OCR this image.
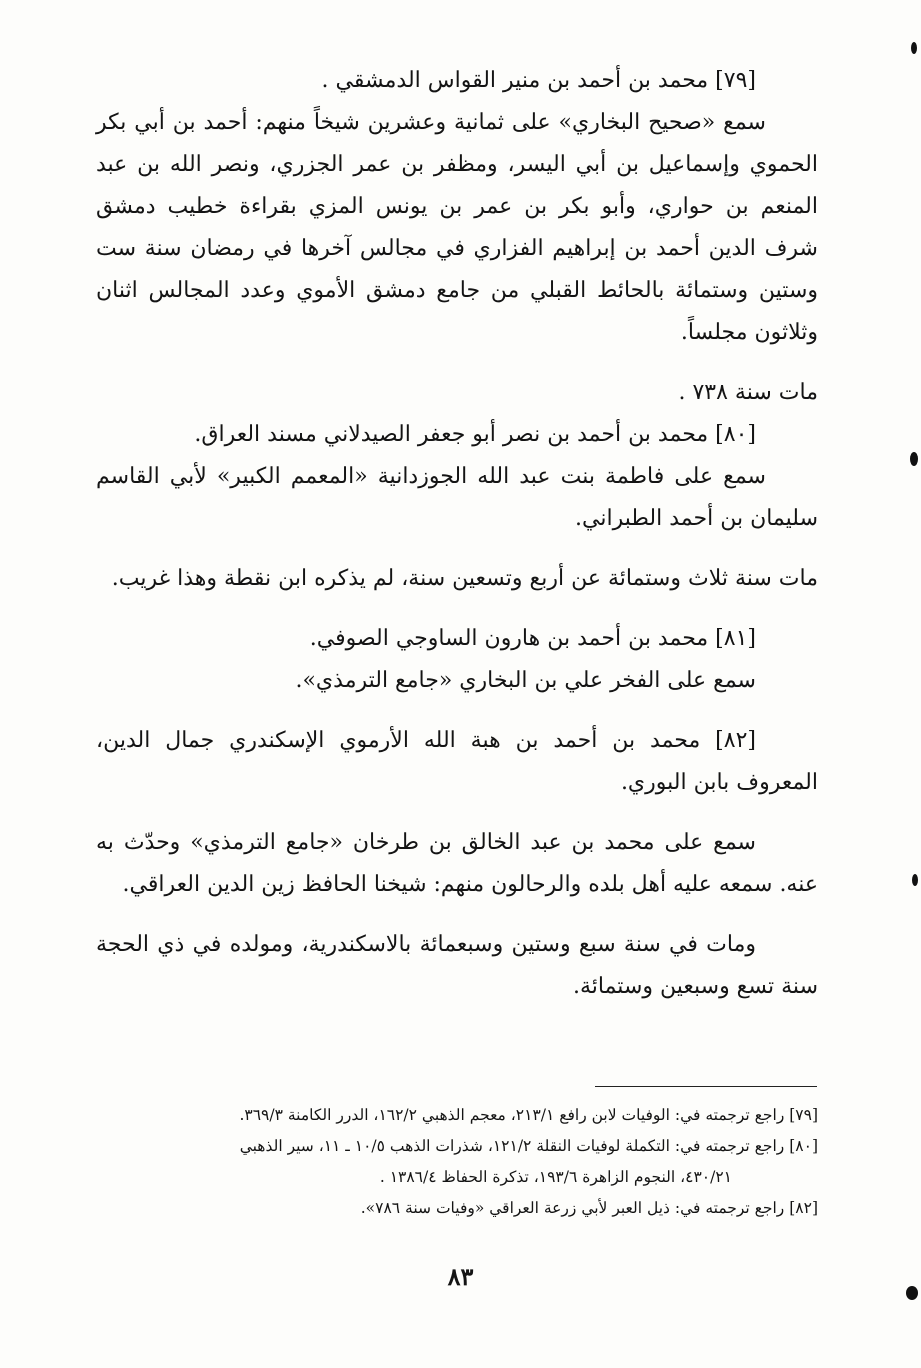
[٧٩] محمد بن أحمد بن منير القواس الدمشقي .

سمع «صحيح البخاري» على ثمانية وعشرين شيخاً منهم: أحمد بن أبي بكر الحموي وإسماعيل بن أبي اليسر، ومظفر بن عمر الجزري، ونصر الله بن عبد المنعم بن حواري، وأبو بكر بن عمر بن يونس المزي بقراءة خطيب دمشق شرف الدين أحمد بن إبراهيم الفزاري في مجالس آخرها في رمضان سنة ست وستين وستمائة بالحائط القبلي من جامع دمشق الأموي وعدد المجالس اثنان وثلاثون مجلساً.

مات سنة ٧٣٨ .

[٨٠] محمد بن أحمد بن نصر أبو جعفر الصيدلاني مسند العراق.

سمع على فاطمة بنت عبد الله الجوزدانية «المعمم الكبير» لأبي القاسم سليمان بن أحمد الطبراني.

مات سنة ثلاث وستمائة عن أربع وتسعين سنة، لم يذكره ابن نقطة وهذا غريب.

[٨١] محمد بن أحمد بن هارون الساوجي الصوفي.

سمع على الفخر علي بن البخاري «جامع الترمذي».

[٨٢] محمد بن أحمد بن هبة الله الأرموي الإسكندري جمال الدين، المعروف بابن البوري.

سمع على محمد بن عبد الخالق بن طرخان «جامع الترمذي» وحدّث به عنه. سمعه عليه أهل بلده والرحالون منهم: شيخنا الحافظ زين الدين العراقي.

ومات في سنة سبع وستين وسبعمائة بالاسكندرية، ومولده في ذي الحجة سنة تسع وسبعين وستمائة.

[٧٩] راجع ترجمته في: الوفيات لابن رافع ٢١٣/١، معجم الذهبي ١٦٢/٢، الدرر الكامنة ٣٦٩/٣.

[٨٠] راجع ترجمته في: التكملة لوفيات النقلة ١٢١/٢، شذرات الذهب ١٠/٥ ـ ١١، سير الذهبي
٤٣٠/٢١، النجوم الزاهرة ١٩٣/٦، تذكرة الحفاظ ١٣٨٦/٤ .

[٨٢] راجع ترجمته في: ذيل العبر لأبي زرعة العراقي «وفيات سنة ٧٨٦».

٨٣
